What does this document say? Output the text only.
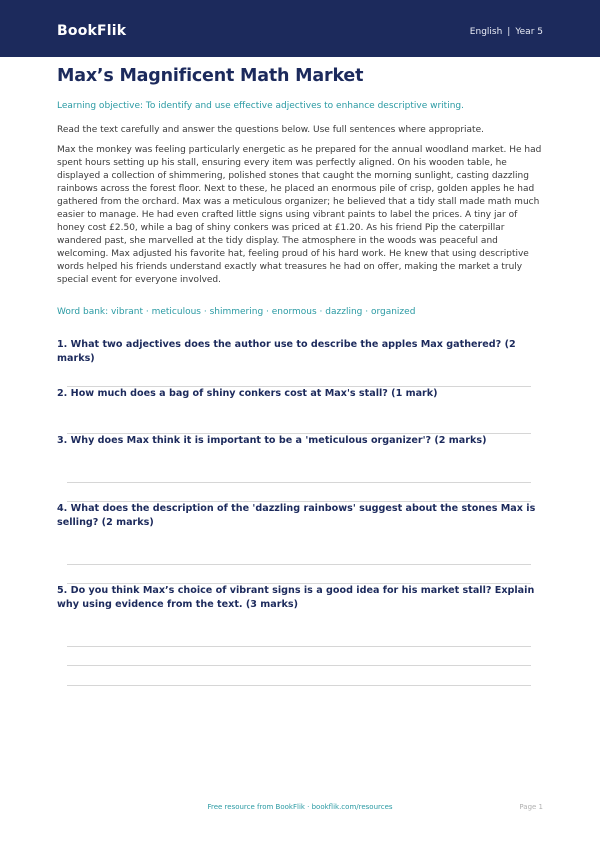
BookFlik	English | Year 5
Max’s Magnificent Math Market

Learning objective: To identify and use effective adjectives to enhance descriptive writing.

Read the text carefully and answer the questions below. Use full sentences where appropriate.

Max the monkey was feeling particularly energetic as he prepared for the annual woodland market. He had spent hours setting up his stall, ensuring every item was perfectly aligned. On his wooden table, he displayed a collection of shimmering, polished stones that caught the morning sunlight, casting dazzling rainbows across the forest floor. Next to these, he placed an enormous pile of crisp, golden apples he had gathered from the orchard. Max was a meticulous organizer; he believed that a tidy stall made math much easier to manage. He had even crafted little signs using vibrant paints to label the prices. A tiny jar of honey cost £2.50, while a bag of shiny conkers was priced at £1.20. As his friend Pip the caterpillar wandered past, she marvelled at the tidy display. The atmosphere in the woods was peaceful and welcoming. Max adjusted his favorite hat, feeling proud of his hard work. He knew that using descriptive words helped his friends understand exactly what treasures he had on offer, making the market a truly special event for everyone involved.

Word bank: vibrant · meticulous · shimmering · enormous · dazzling · organized

1. What two adjectives does the author use to describe the apples Max gathered? (2 marks)
2. How much does a bag of shiny conkers cost at Max's stall? (1 mark)
3. Why does Max think it is important to be a 'meticulous organizer'? (2 marks)
4. What does the description of the 'dazzling rainbows' suggest about the stones Max is selling? (2 marks)
5. Do you think Max’s choice of vibrant signs is a good idea for his market stall? Explain why using evidence from the text. (3 marks)
Free resource from BookFlik · bookflik.com/resources	Page 1
